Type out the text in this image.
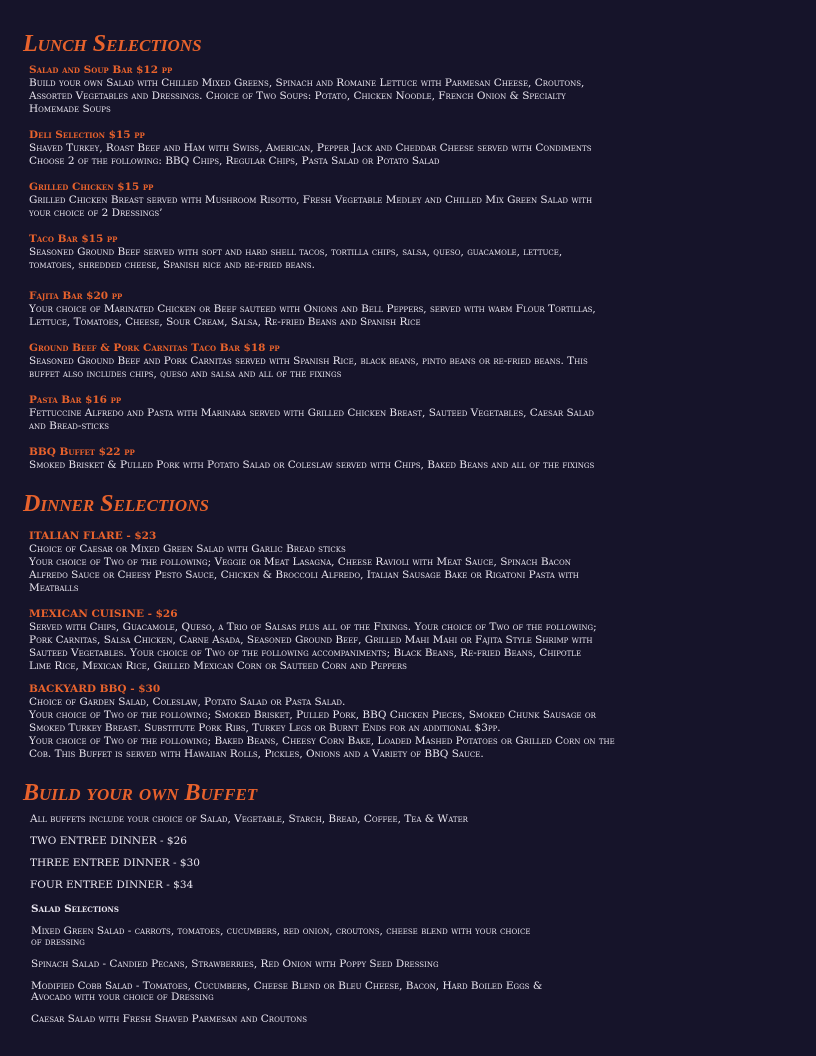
Lunch Selections
Salad and Soup Bar $12 pp
Build your own Salad with Chilled Mixed Greens, Spinach and Romaine Lettuce with Parmesan Cheese, Croutons,
Assorted Vegetables and Dressings. Choice of Two Soups: Potato, Chicken Noodle, French Onion & Specialty
Homemade Soups
Deli Selection $15 pp
Shaved Turkey, Roast Beef and Ham with Swiss, American, Pepper Jack and Cheddar Cheese served with Condiments
Choose 2 of the following: BBQ Chips, Regular Chips, Pasta Salad or Potato Salad
Grilled Chicken $15 pp
Grilled Chicken Breast served with Mushroom Risotto, Fresh Vegetable Medley and Chilled Mix Green Salad with
your choice of 2 Dressings’
Taco Bar $15 pp
Seasoned Ground Beef served with soft and hard shell tacos, tortilla chips, salsa, queso, guacamole, lettuce,
tomatoes, shredded cheese, Spanish rice and re-fried beans.
Fajita Bar $20 pp
Your choice of Marinated Chicken or Beef sauteed with Onions and Bell Peppers, served with warm Flour Tortillas,
Lettuce, Tomatoes, Cheese, Sour Cream, Salsa, Re-fried Beans and Spanish Rice
Ground Beef & Pork Carnitas Taco Bar $18 pp
Seasoned Ground Beef and Pork Carnitas served with Spanish Rice, black beans, pinto beans or re-fried beans. This
buffet also includes chips, queso and salsa and all of the fixings
Pasta Bar $16 pp
Fettuccine Alfredo and Pasta with Marinara served with Grilled Chicken Breast, Sauteed Vegetables, Caesar Salad
and Bread-sticks
BBQ Buffet $22 pp
Smoked Brisket & Pulled Pork with Potato Salad or Coleslaw served with Chips, Baked Beans and all of the fixings
Dinner Selections
ITALIAN FLARE - $23
Choice of Caesar or Mixed Green Salad with Garlic Bread sticks
Your choice of Two of the following; Veggie or Meat Lasagna, Cheese Ravioli with Meat Sauce, Spinach Bacon
Alfredo Sauce or Cheesy Pesto Sauce, Chicken & Broccoli Alfredo, Italian Sausage Bake or Rigatoni Pasta with
Meatballs
MEXICAN CUISINE - $26
Served with Chips, Guacamole, Queso, a Trio of Salsas plus all of the Fixings. Your choice of Two of the following;
Pork Carnitas, Salsa Chicken, Carne Asada, Seasoned Ground Beef, Grilled Mahi Mahi or Fajita Style Shrimp with
Sauteed Vegetables. Your choice of Two of the following accompaniments; Black Beans, Re-fried Beans, Chipotle
Lime Rice, Mexican Rice, Grilled Mexican Corn or Sauteed Corn and Peppers
BACKYARD BBQ - $30
Choice of Garden Salad, Coleslaw, Potato Salad or Pasta Salad.
Your choice of Two of the following; Smoked Brisket, Pulled Pork, BBQ Chicken Pieces, Smoked Chunk Sausage or
Smoked Turkey Breast. Substitute Pork Ribs, Turkey Legs or Burnt Ends for an additional $3pp.
Your choice of Two of the following; Baked Beans, Cheesy Corn Bake, Loaded Mashed Potatoes or Grilled Corn on the
Cob. This Buffet is served with Hawaiian Rolls, Pickles, Onions and a Variety of BBQ Sauce.
Build your own Buffet
All buffets include your choice of Salad, Vegetable, Starch, Bread, Coffee, Tea & Water
TWO ENTREE DINNER - $26
THREE ENTREE DINNER - $30
FOUR ENTREE DINNER - $34
Salad Selections
Mixed Green Salad - carrots, tomatoes, cucumbers, red onion, croutons, cheese blend with your choice
of dressing
Spinach Salad - Candied Pecans, Strawberries, Red Onion with Poppy Seed Dressing
Modified Cobb Salad - Tomatoes, Cucumbers, Cheese Blend or Bleu Cheese, Bacon, Hard Boiled Eggs &
Avocado with your choice of Dressing
Caesar Salad with Fresh Shaved Parmesan and Croutons
